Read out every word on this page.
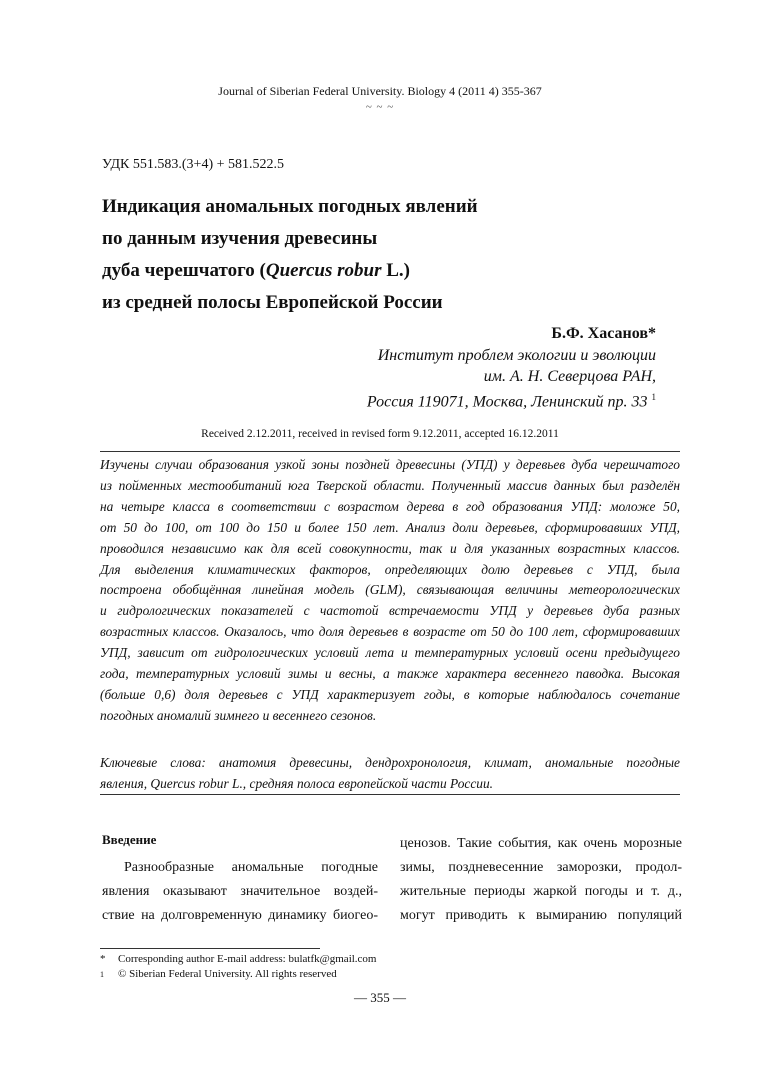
Journal of Siberian Federal University. Biology 4 (2011 4) 355-367
~ ~ ~
УДК 551.583.(3+4) + 581.522.5
Индикация аномальных погодных явлений
по данным изучения древесины
дуба черешчатого (Quercus robur L.)
из средней полосы Европейской России
Б.Ф. Хасанов*
Институт проблем экологии и эволюции
им. А. Н. Северцова РАН,
Россия 119071, Москва, Ленинский пр. 33 $^1$
Received 2.12.2011, received in revised form 9.12.2011, accepted 16.12.2011
Изучены случаи образования узкой зоны поздней древесины (УПД) у деревьев дуба черешчатого
из пойменных местообитаний юга Тверской области. Полученный массив данных был разделён
на четыре класса в соответствии с возрастом дерева в год образования УПД: моложе 50,
от 50 до 100, от 100 до 150 и более 150 лет. Анализ доли деревьев, сформировавших УПД,
проводился независимо как для всей совокупности, так и для указанных возрастных классов.
Для выделения климатических факторов, определяющих долю деревьев с УПД, была
построена обобщённая линейная модель (GLM), связывающая величины метеорологических
и гидрологических показателей с частотой встречаемости УПД у деревьев дуба разных
возрастных классов. Оказалось, что доля деревьев в возрасте от 50 до 100 лет, сформировавших
УПД, зависит от гидрологических условий лета и температурных условий осени предыдущего
года, температурных условий зимы и весны, а также характера весеннего паводка. Высокая
(больше 0,6) доля деревьев с УПД характеризует годы, в которые наблюдалось сочетание
погодных аномалий зимнего и весеннего сезонов.
Ключевые слова: анатомия древесины, дендрохронология, климат, аномальные погодные
явления, Quercus robur L., средняя полоса европейской части России.
Введение
Разнообразные аномальные погодные
явления оказывают значительное воздей-
ствие на долговременную динамику биогео-
ценозов. Такие события, как очень морозные
зимы, поздневесенние заморозки, продол-
жительные периоды жаркой погоды и т. д.,
могут приводить к вымиранию популяций
* Corresponding author E-mail address: bulatfk@gmail.com
1 © Siberian Federal University. All rights reserved
— 355 —
